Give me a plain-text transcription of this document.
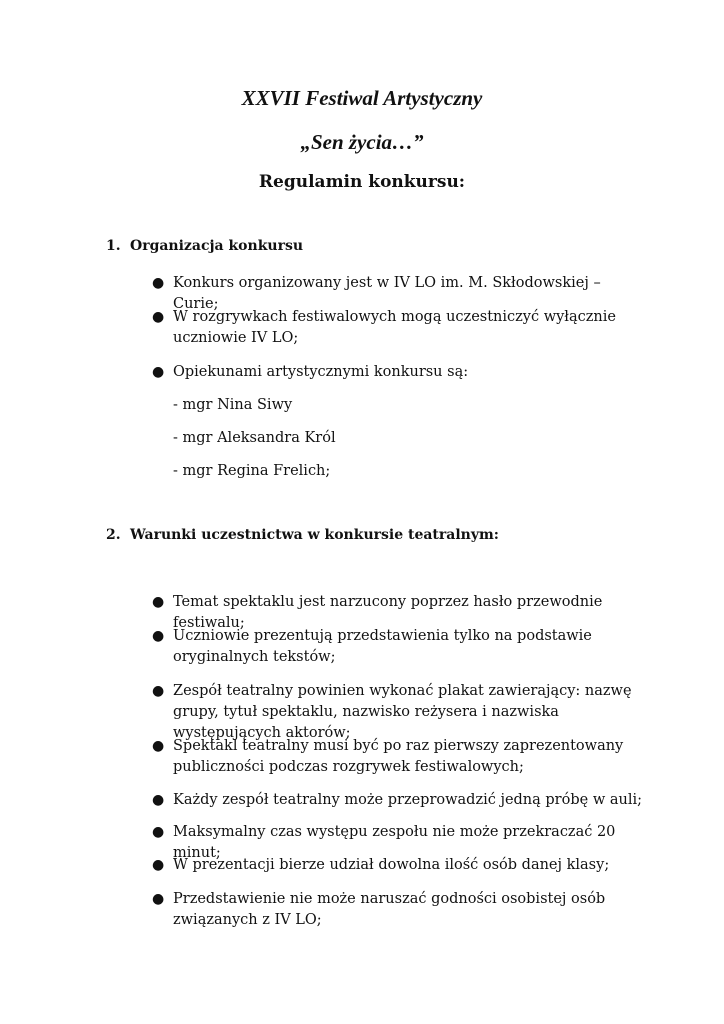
XXVII Festiwal Artystyczny
„Sen życia…”
Regulamin konkursu:
1. Organizacja konkursu
● Konkurs organizowany jest w IV LO im. M. Skłodowskiej – Curie;
● W rozgrywkach festiwalowych mogą uczestniczyć wyłącznie uczniowie IV LO;
● Opiekunami artystycznymi konkursu są:
- mgr Nina Siwy
- mgr Aleksandra Król
- mgr Regina Frelich;
2. Warunki uczestnictwa w konkursie teatralnym:
● Temat spektaklu jest narzucony poprzez hasło przewodnie festiwalu;
● Uczniowie prezentują przedstawienia tylko na podstawie oryginalnych tekstów;
● Zespół teatralny powinien wykonać plakat zawierający: nazwę grupy, tytuł spektaklu, nazwisko reżysera i nazwiska występujących aktorów;
● Spektakl teatralny musi być po raz pierwszy zaprezentowany publiczności podczas rozgrywek festiwalowych;
● Każdy zespół teatralny może przeprowadzić jedną próbę w auli;
● Maksymalny czas występu zespołu nie może przekraczać 20 minut;
● W prezentacji bierze udział dowolna ilość osób danej klasy;
● Przedstawienie nie może naruszać godności osobistej osób związanych z IV LO;
